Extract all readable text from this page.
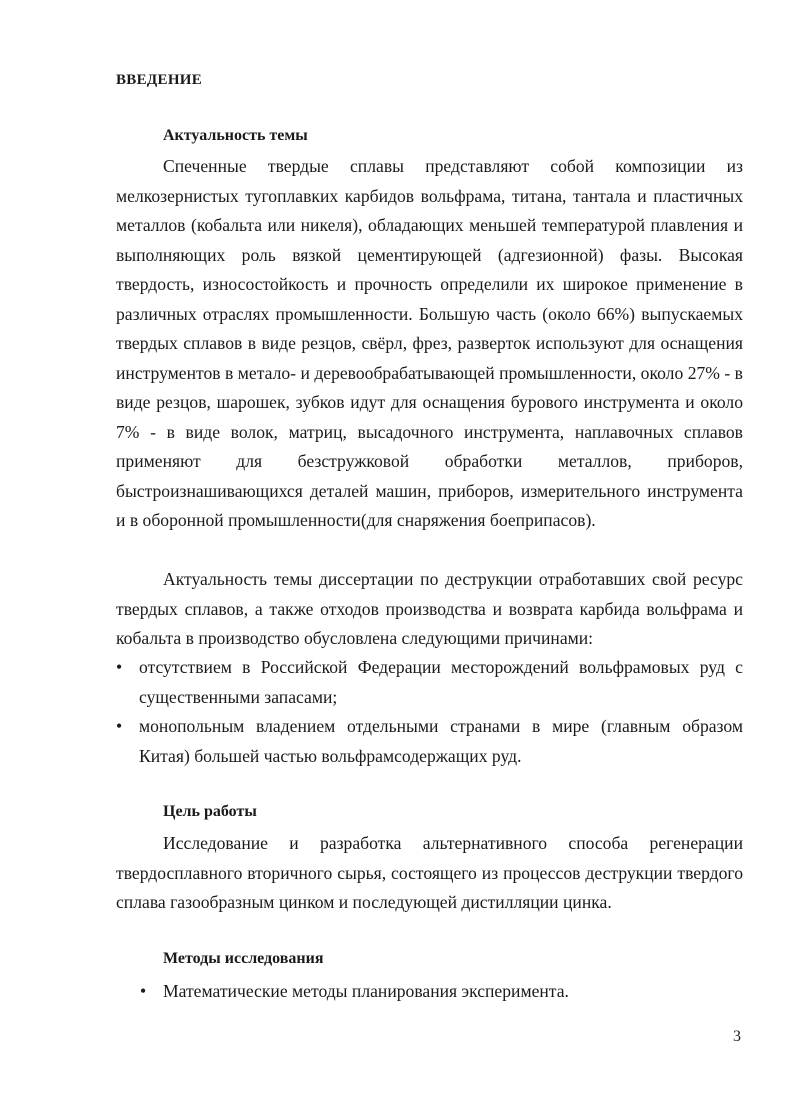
ВВЕДЕНИЕ
Актуальность темы

Спеченные твердые сплавы представляют собой композиции из мелкозернистых тугоплавких карбидов вольфрама, титана, тантала и пластичных металлов (кобальта или никеля), обладающих меньшей температурой плавления и выполняющих роль вязкой цементирующей (адгезионной) фазы. Высокая твердость, износостойкость и прочность определили их широкое применение в различных отраслях промышленности. Большую часть (около 66%) выпускаемых твердых сплавов в виде резцов, свёрл, фрез, разверток используют для оснащения инструментов в метало- и деревообрабатывающей промышленности, около 27% - в виде резцов, шарошек, зубков идут для оснащения бурового инструмента и около 7% - в виде волок, матриц, высадочного инструмента, наплавочных сплавов применяют для безстружковой обработки металлов, приборов, быстроизнашивающихся деталей машин, приборов, измерительного инструмента и в оборонной промышленности(для снаряжения боеприпасов).

Актуальность темы диссертации по деструкции отработавших свой ресурс твердых сплавов, а также отходов производства и возврата карбида вольфрама и кобальта в производство обусловлена следующими причинами:

• отсутствием в Российской Федерации месторождений вольфрамовых руд с существенными запасами;
• монопольным владением отдельными странами в мире (главным образом Китая) большей частью вольфрамсодержащих руд.
Цель работы

Исследование и разработка альтернативного способа регенерации твердосплавного вторичного сырья, состоящего из процессов деструкции твердого сплава газообразным цинком и последующей дистилляции цинка.

Методы исследования
• Математические методы планирования эксперимента.
3
